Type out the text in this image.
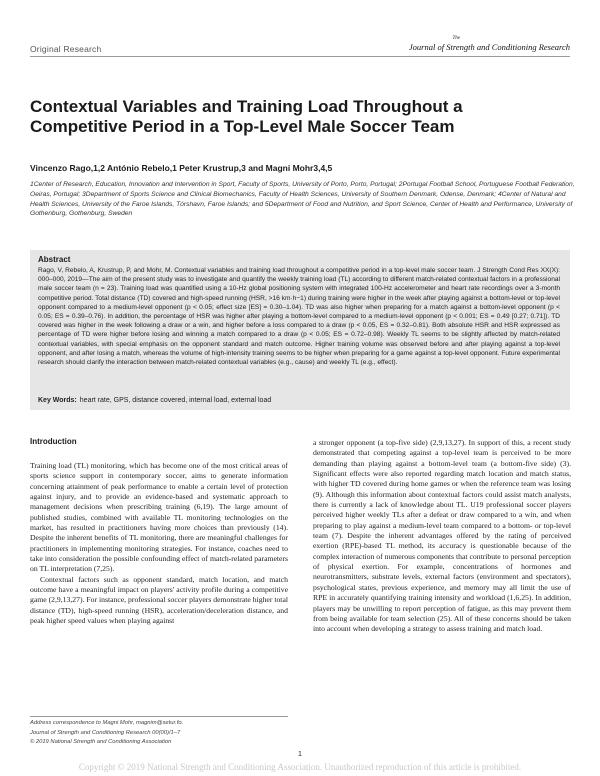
Original Research
The
Journal of Strength and Conditioning Research
Contextual Variables and Training Load Throughout a Competitive Period in a Top-Level Male Soccer Team
Vincenzo Rago,1,2 António Rebelo,1 Peter Krustrup,3 and Magni Mohr3,4,5
1Center of Research, Education, Innovation and Intervention in Sport, Faculty of Sports, University of Porto, Porto, Portugal; 2Portugal Football School, Portuguese Football Federation, Oeiras, Portugal; 3Department of Sports Science and Clinical Biomechanics, Faculty of Health Sciences, University of Southern Denmark, Odense, Denmark; 4Center of Natural and Health Sciences, University of the Faroe Islands, Tórshavn, Faroe Islands; and 5Department of Food and Nutrition, and Sport Science, Center of Health and Performance, University of Gothenburg, Gothenburg, Sweden
Abstract
Rago, V, Rebelo, A, Krustrup, P, and Mohr, M. Contextual variables and training load throughout a competitive period in a top-level male soccer team. J Strength Cond Res XX(X): 000–000, 2019—The aim of the present study was to investigate and quantify the weekly training load (TL) according to different match-related contextual factors in a professional male soccer team (n = 23). Training load was quantified using a 10-Hz global positioning system with integrated 100-Hz accelerometer and heart rate recordings over a 3-month competitive period. Total distance (TD) covered and high-speed running (HSR, >16 km·h−1) during training were higher in the week after playing against a bottom-level or top-level opponent compared to a medium-level opponent (p < 0.05; effect size [ES] = 0.30–1.04). TD was also higher when preparing for a match against a bottom-level opponent (p < 0.05; ES = 0.39–0.76). In addition, the percentage of HSR was higher after playing a bottom-level compared to a medium-level opponent (p < 0.001; ES = 0.49 [0.27; 0.71]). TD covered was higher in the week following a draw or a win, and higher before a loss compared to a draw (p < 0.05, ES = 0.32–0.81). Both absolute HSR and HSR expressed as percentage of TD were higher before losing and winning a match compared to a draw (p < 0.05; ES = 0.72–0.98). Weekly TL seems to be slightly affected by match-related contextual variables, with special emphasis on the opponent standard and match outcome. Higher training volume was observed before and after playing against a top-level opponent, and after losing a match, whereas the volume of high-intensity training seems to be higher when preparing for a game against a top-level opponent. Future experimental research should clarify the interaction between match-related contextual variables (e.g., cause) and weekly TL (e.g., effect).
Key Words: heart rate, GPS, distance covered, internal load, external load
Introduction

Training load (TL) monitoring, which has become one of the most critical areas of sports science support in contemporary soccer, aims to generate information concerning attainment of peak performance to enable a certain level of protection against injury, and to provide an evidence-based and systematic approach to management decisions when prescribing training (6,19). The large amount of published studies, combined with available TL monitoring technologies on the market, has resulted in practitioners having more choices than previously (14). Despite the inherent benefits of TL monitoring, there are meaningful challenges for practitioners in implementing monitoring strategies. For instance, coaches need to take into consideration the possible confounding effect of match-related parameters on TL interpretation (7,25).

Contextual factors such as opponent standard, match location, and match outcome have a meaningful impact on players' activity profile during a competitive game (2,9,13,27). For instance, professional soccer players demonstrate higher total distance (TD), high-speed running (HSR), acceleration/deceleration distance, and peak higher speed values when playing against

a stronger opponent (a top-five side) (2,9,13,27). In support of this, a recent study demonstrated that competing against a top-level team is perceived to be more demanding than playing against a bottom-level team (a bottom-five side) (3). Significant effects were also reported regarding match location and match status, with higher TD covered during home games or when the reference team was losing (9). Although this information about contextual factors could assist match analysts, there is currently a lack of knowledge about TL. U19 professional soccer players perceived higher weekly TLs after a defeat or draw compared to a win, and when preparing to play against a medium-level team compared to a bottom- or top-level team (7). Despite the inherent advantages offered by the rating of perceived exertion (RPE)-based TL method, its accuracy is questionable because of the complex interaction of numerous components that contribute to personal perception of physical exertion. For example, concentrations of hormones and neurotransmitters, substrate levels, external factors (environment and spectators), psychological states, previous experience, and memory may all limit the use of RPE in accurately quantifying training intensity and workload (1,6,25). In addition, players may be unwilling to report perception of fatigue, as this may prevent them from being available for team selection (25). All of these concerns should be taken into account when developing a strategy to assess training and match load.

Address correspondence to Magni Mohr, magnim@setur.fo.
Journal of Strength and Conditioning Research 00(00)/1–7
© 2019 National Strength and Conditioning Association
1
Copyright © 2019 National Strength and Conditioning Association. Unauthorized reproduction of this article is prohibited.
